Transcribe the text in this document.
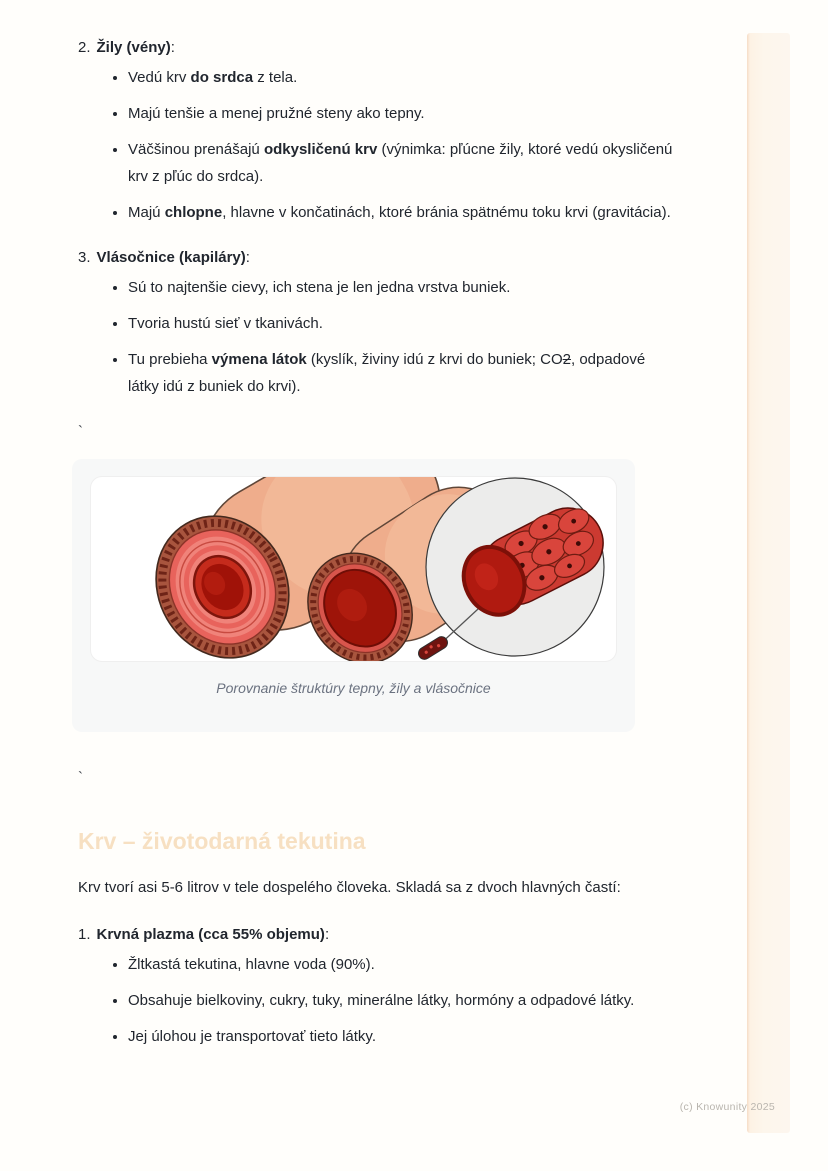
2. Žily (vény):
• Vedú krv do srdca z tela.
• Majú tenšie a menej pružné steny ako tepny.
• Väčšinou prenášajú odkysličenú krv (výnimka: pľúcne žily, ktoré vedú okysličenú krv z pľúc do srdca).
• Majú chlopne, hlavne v končatinách, ktoré brániа spätnému toku krvi (gravitácia).
3. Vlásočnice (kapiláry):
• Sú to najtenšie cievy, ich stena je len jedna vrstva buniek.
• Tvoria hustú sieť v tkanivách.
• Tu prebieha výmena látok (kyslík, živiny idú z krvi do buniek; CO2, odpadové látky idú z buniek do krvi).
`
Porovnanie štruktúry tepny, žily a vlásočnice
`
Krv – životodarná tekutina
Krv tvorí asi 5-6 litrov v tele dospelého človeka. Skladá sa z dvoch hlavných častí:
1. Krvná plazma (cca 55% objemu):
• Žltkastá tekutina, hlavne voda (90%).
• Obsahuje bielkoviny, cukry, tuky, minerálne látky, hormóny a odpadové látky.
• Jej úlohou je transportovať tieto látky.
(c) Knowunity 2025
